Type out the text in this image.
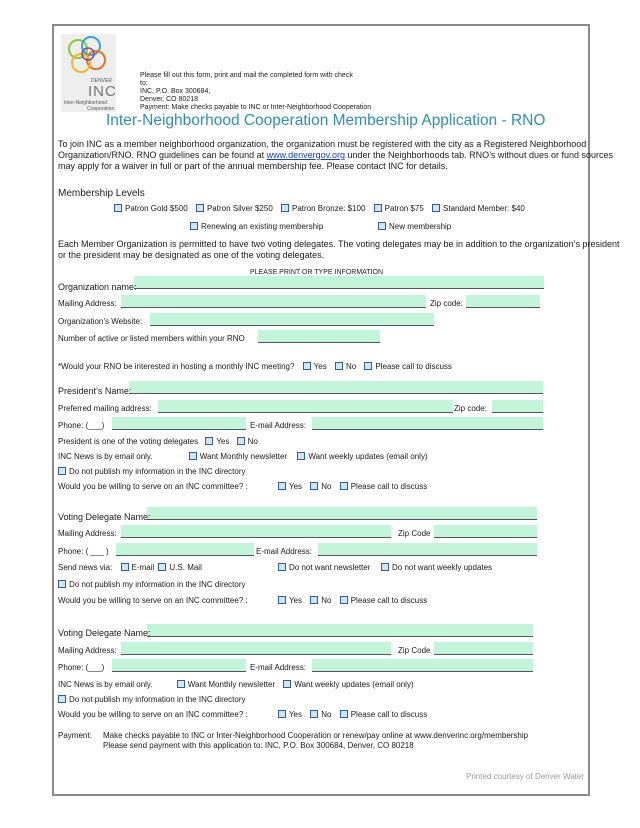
DENVER
INC
Inter-Neighborhood
Cooperation
Please fill out this form, print and mail the completed form with check
to:
INC, P.O. Box 300684,
Denver, CO 80218
Payment: Make checks payable to INC or Inter-Neighborhood Cooperation
Inter-Neighborhood Cooperation Membership Application - RNO
To join INC as a member neighborhood organization, the organization must be registered with the city as a Registered Neighborhood
Organization/RNO. RNO guidelines can be found at www.denvergov.org under the Neighborhoods tab. RNO’s without dues or fund sources
may apply for a waiver in full or part of the annual membership fee. Please contact INC for details.
Membership Levels
Patron Gold $500 Patron Silver $250 Patron Bronze: $100 Patron $75 Standard Member: $40
Renewing an existing membership	New membership
Each Member Organization is permitted to have two voting delegates. The voting delegates may be in addition to the organization’s president
or the president may be designated as one of the voting delegates.
PLEASE PRINT OR TYPE INFORMATION
Organization name:
Mailing Address:	Zip code:
Organization’s Website:
Number of active or listed members within your RNO
*Would your RNO be interested in hosting a monthly INC meeting? Yes No Please call to discuss
President’s Name:
Preferred mailing address:	Zip code:
Phone: (___)	E-mail Address:
President is one of the voting delegates Yes No
INC News is by email only.	Want Monthly newsletter	Want weekly updates (email only)
Do not publish my information in the INC directory
Would you be willing to serve on an INC committee? :	Yes No Please call to discuss
Voting Delegate Name:
Mailing Address:	Zip Code
Phone: ( ___ )	E-mail Address:
Send news via: E-mail U.S. Mail	Do not want newsletter	Do not want weekly updates
Do not publish my information in the INC directory
Would you be willing to serve on an INC committee? :	Yes No Please call to discuss
Voting Delegate Name:
Mailing Address:	Zip Code
Phone: (___)	E-mail Address:
INC News is by email only.	Want Monthly newsletter Want weekly updates (email only)
Do not publish my information in the INC directory
Would you be willing to serve on an INC committee? :	Yes No Please call to discuss
Payment: Make checks payable to INC or Inter-Neighborhood Cooperation or renew/pay online at www.denverinc.org/membership
Please send payment with this application to: INC, P.O. Box 300684, Denver, CO 80218
Printed courtesy of Denver Water
